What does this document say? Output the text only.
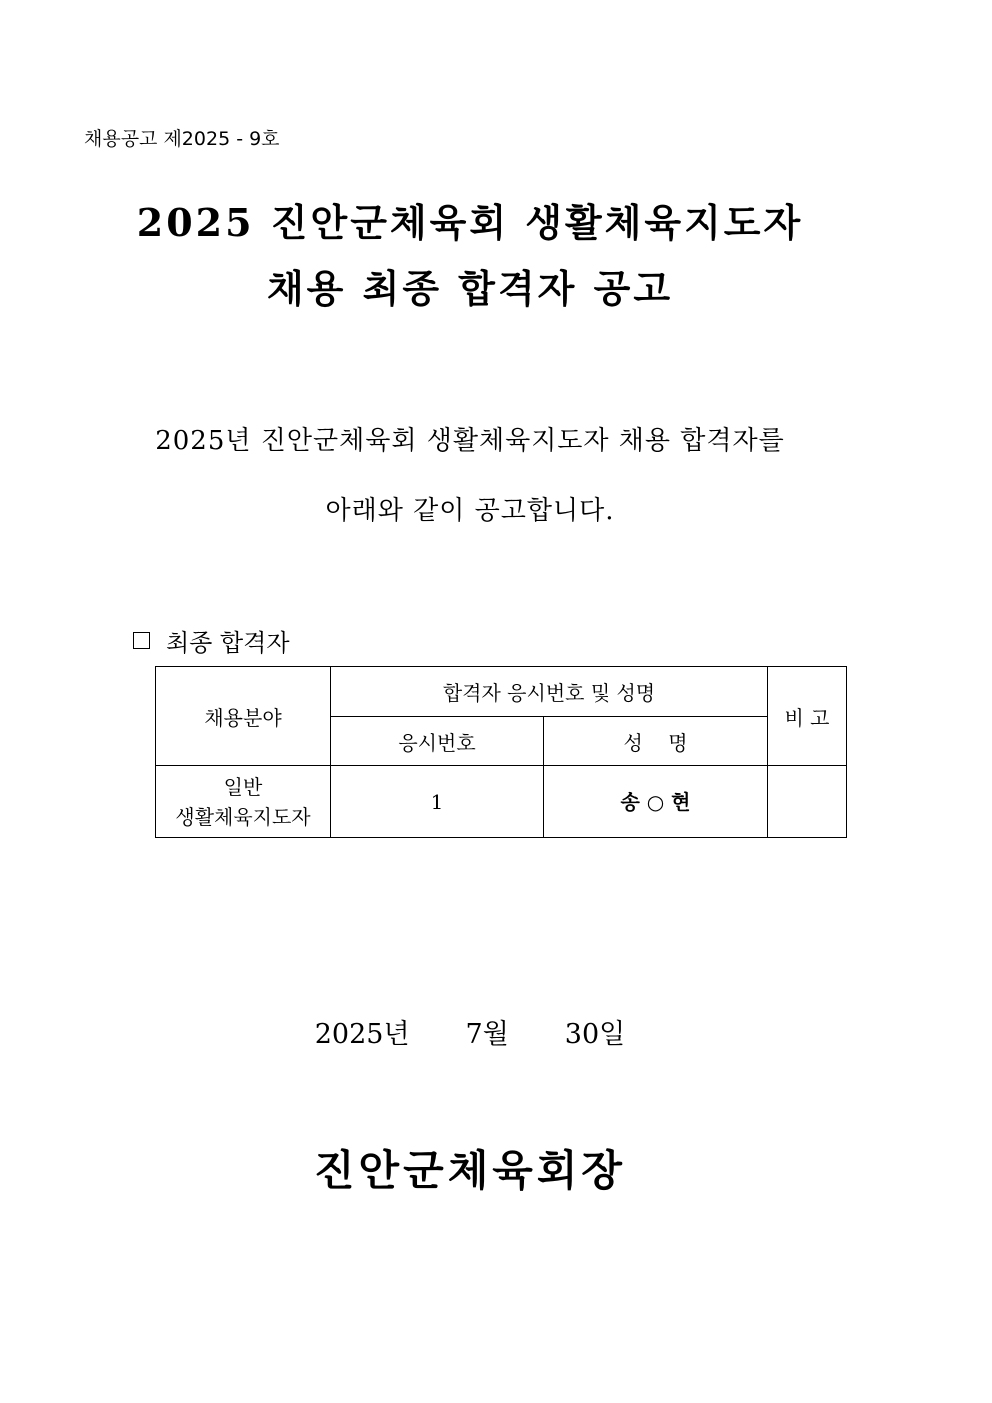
채용공고 제2025 - 9호
2025 진안군체육회 생활체육지도자
채용 최종 합격자 공고
2025년 진안군체육회 생활체육지도자 채용 합격자를
아래와 같이 공고합니다.
최종 합격자
채용분야	합격자 응시번호 및 성명		비 고
	응시번호	성    명	

일반
생활체육지도자	1	송 ○ 현	
2025년 7월 30일
진안군체육회장
